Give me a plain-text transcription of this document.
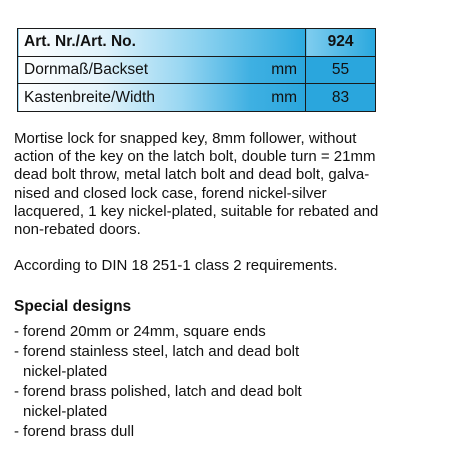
Art. Nr./Art. No.		924
Dornmaß/Backset	mm	55
Kastenbreite/Width	mm	83

Mortise lock for snapped key, 8mm follower, without
action of the key on the latch bolt, double turn = 21mm
dead bolt throw, metal latch bolt and dead bolt, galva-
nised and closed lock case, forend nickel-silver
lacquered, 1 key nickel-plated, suitable for rebated and
non-rebated doors.

According to DIN 18 251-1 class 2 requirements.

Special designs

- forend 20mm or 24mm, square ends
- forend stainless steel, latch and dead bolt
nickel-plated
- forend brass polished, latch and dead bolt
nickel-plated
- forend brass dull
